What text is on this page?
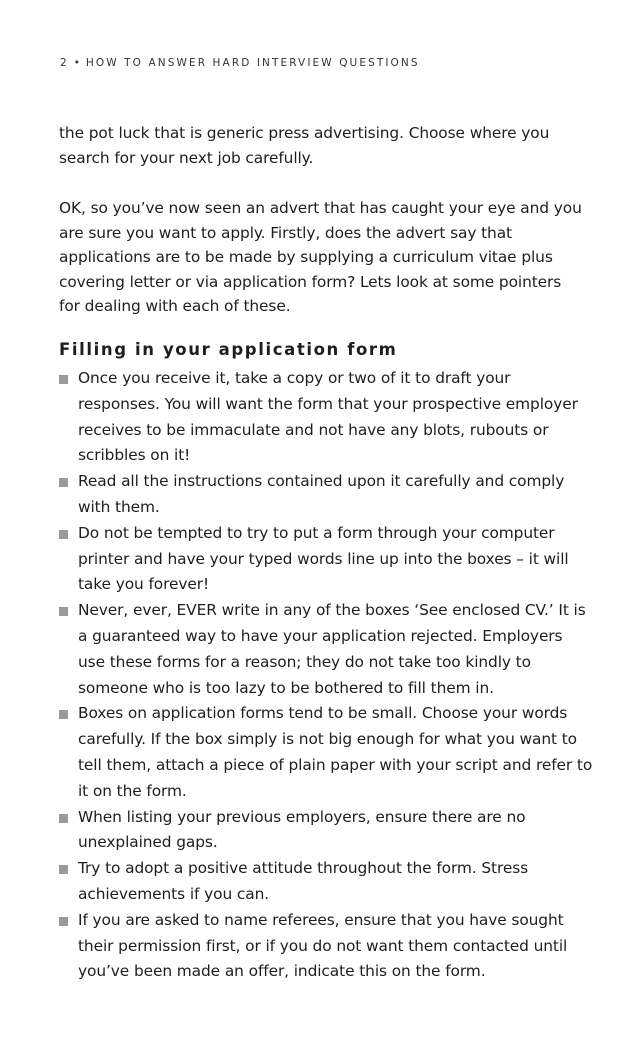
2 • HOW TO ANSWER HARD INTERVIEW QUESTIONS

the pot luck that is generic press advertising. Choose where you search for your next job carefully.

OK, so you’ve now seen an advert that has caught your eye and you are sure you want to apply. Firstly, does the advert say that applications are to be made by supplying a curriculum vitae plus covering letter or via application form? Lets look at some pointers for dealing with each of these.

Filling in your application form
Once you receive it, take a copy or two of it to draft your responses. You will want the form that your prospective employer receives to be immaculate and not have any blots, rubouts or scribbles on it!
Read all the instructions contained upon it carefully and comply with them.
Do not be tempted to try to put a form through your computer printer and have your typed words line up into the boxes – it will take you forever!
Never, ever, EVER write in any of the boxes ‘See enclosed CV.’ It is a guaranteed way to have your application rejected. Employers use these forms for a reason; they do not take too kindly to someone who is too lazy to be bothered to fill them in.
Boxes on application forms tend to be small. Choose your words carefully. If the box simply is not big enough for what you want to tell them, attach a piece of plain paper with your script and refer to it on the form.
When listing your previous employers, ensure there are no unexplained gaps.
Try to adopt a positive attitude throughout the form. Stress achievements if you can.
If you are asked to name referees, ensure that you have sought their permission first, or if you do not want them contacted until you’ve been made an offer, indicate this on the form.
